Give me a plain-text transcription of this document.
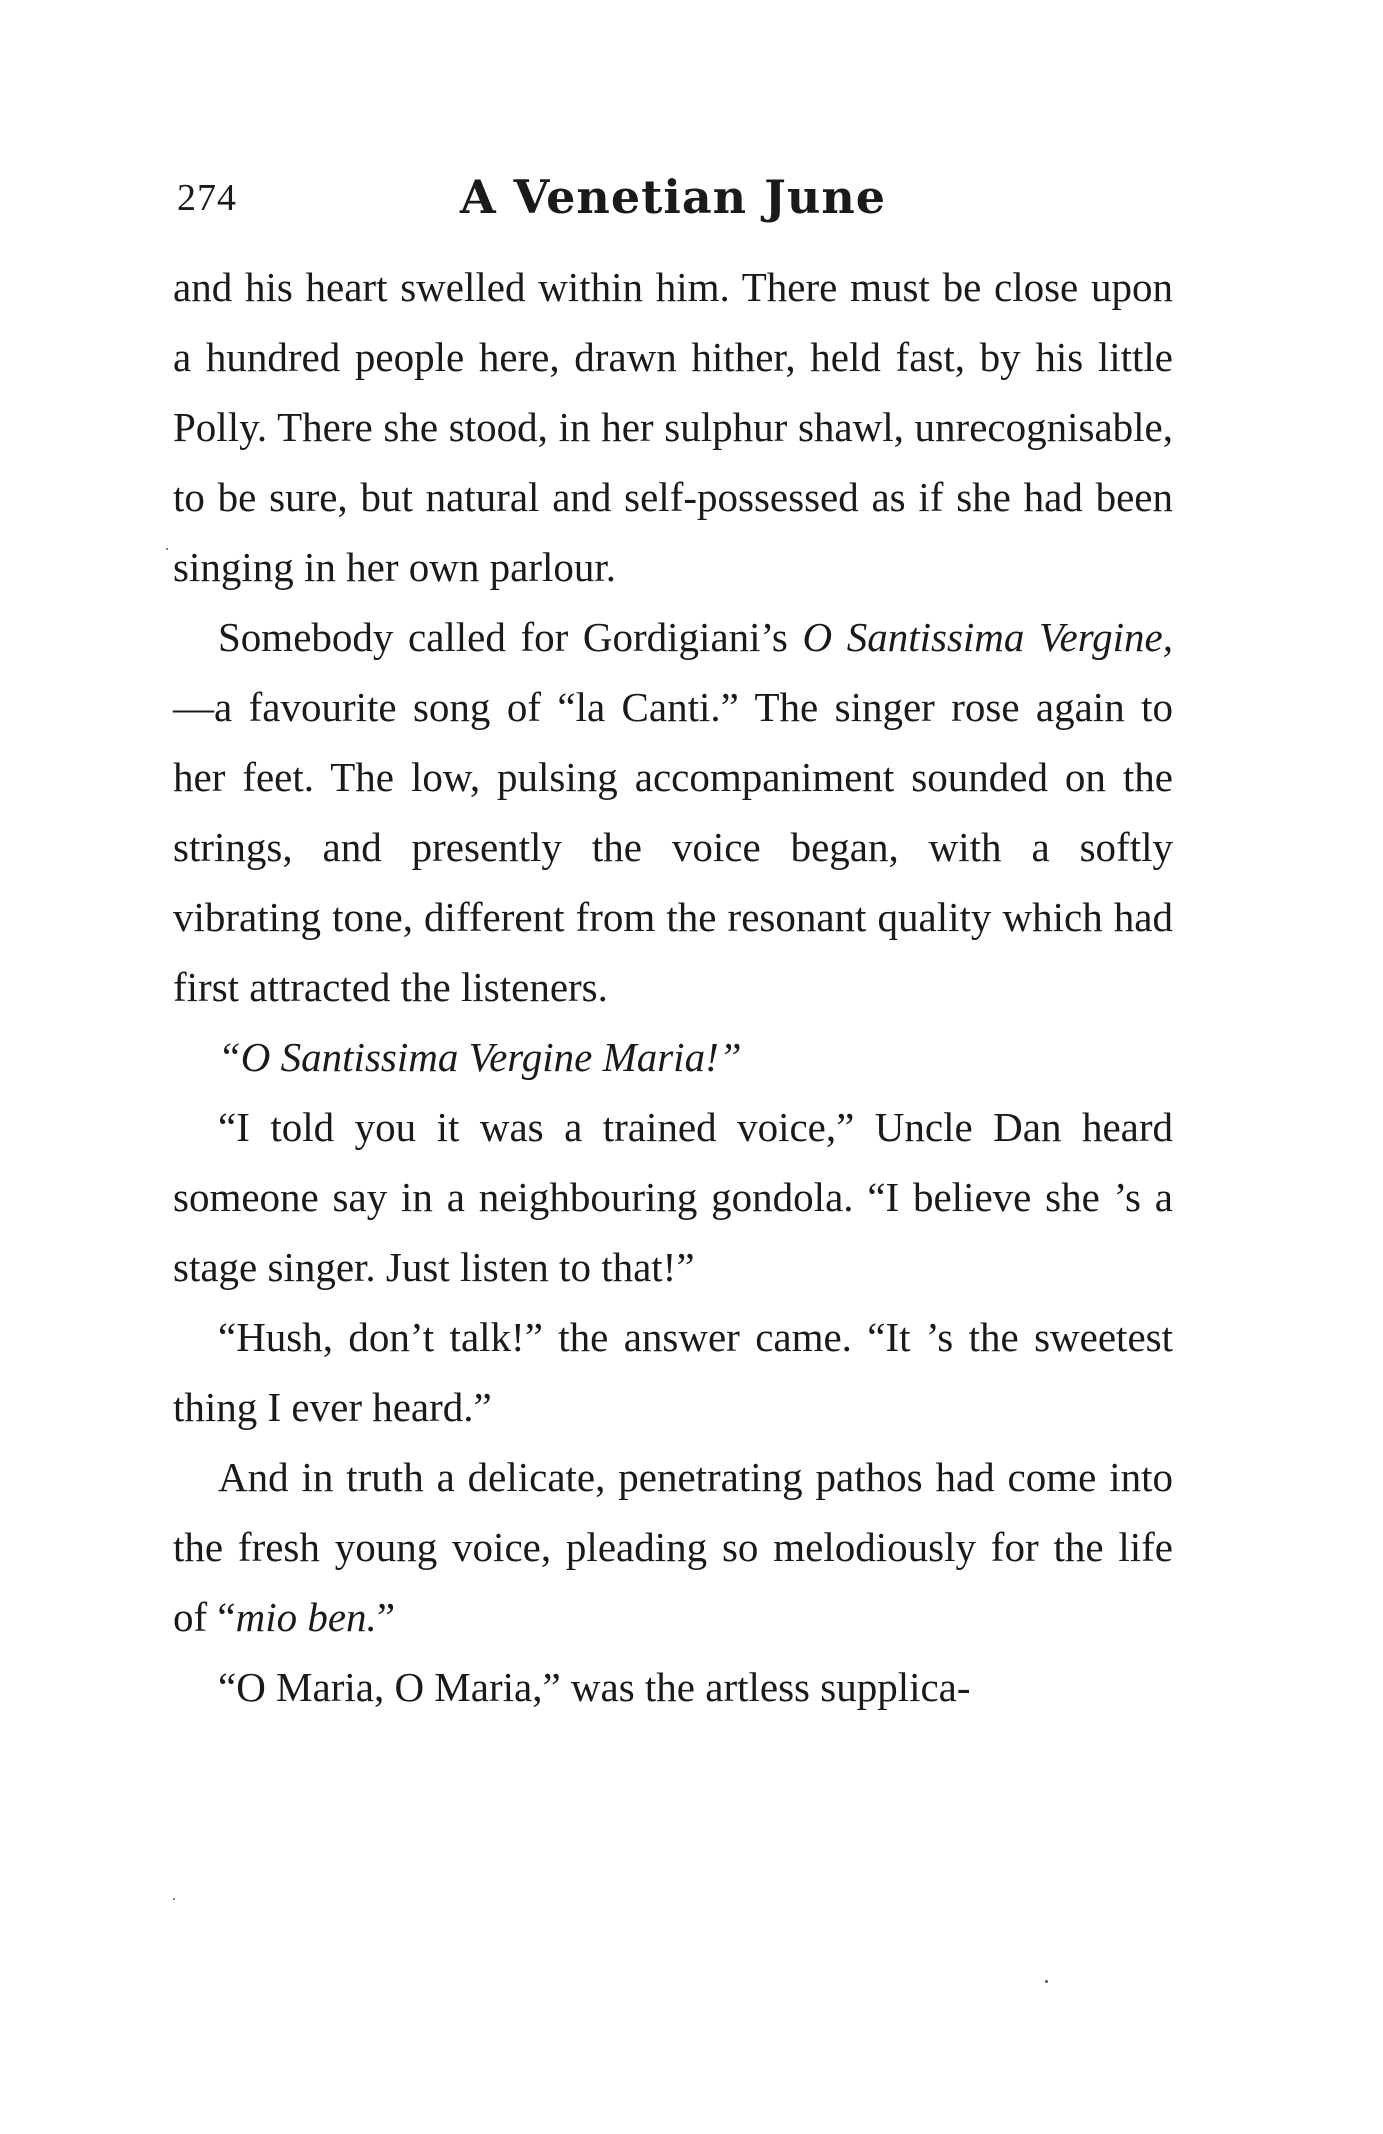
274	A Venetian June

and his heart swelled within him. There must be close upon a hundred people here, drawn hither, held fast, by his little Polly. There she stood, in her sulphur shawl, unrecognisable, to be sure, but natural and self-possessed as if she had been singing in her own parlour.

Somebody called for Gordigiani’s O Santissima Vergine,—a favourite song of “la Canti.” The singer rose again to her feet. The low, pulsing accompaniment sounded on the strings, and presently the voice began, with a softly vibrating tone, different from the resonant quality which had first attracted the listeners.

“O Santissima Vergine Maria!”

“I told you it was a trained voice,” Uncle Dan heard someone say in a neighbouring gondola. “I believe she ’s a stage singer. Just listen to that!”

“Hush, don’t talk!” the answer came. “It ’s the sweetest thing I ever heard.”

And in truth a delicate, penetrating pathos had come into the fresh young voice, pleading so melodiously for the life of “mio ben.”

“O Maria, O Maria,” was the artless supplica-
